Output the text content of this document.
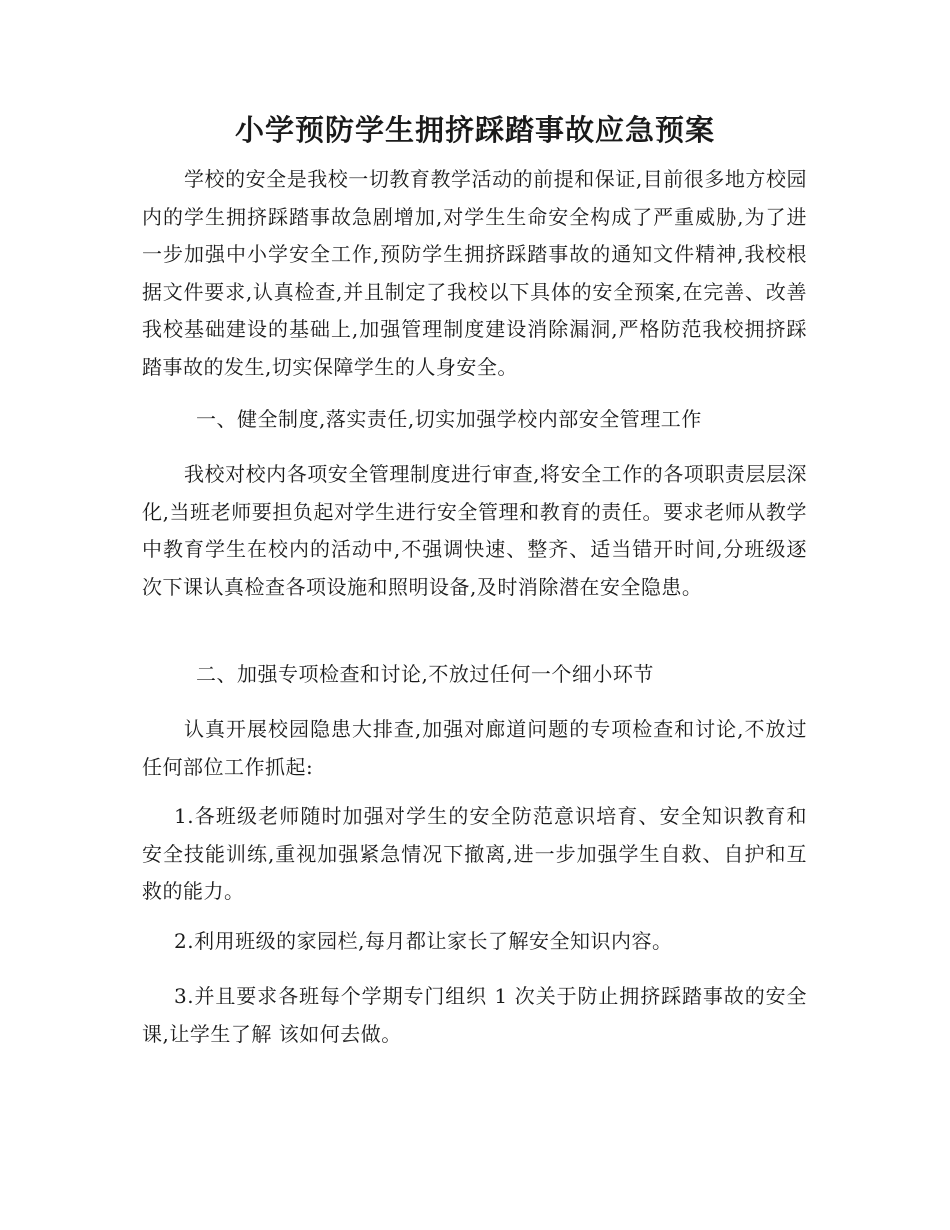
小学预防学生拥挤踩踏事故应急预案

学校的安全是我校一切教育教学活动的前提和保证,目前很多地方校园内的学生拥挤踩踏事故急剧增加,对学生生命安全构成了严重威胁,为了进一步加强中小学安全工作,预防学生拥挤踩踏事故的通知文件精神,我校根据文件要求,认真检查,并且制定了我校以下具体的安全预案,在完善、改善我校基础建设的基础上,加强管理制度建设消除漏洞,严格防范我校拥挤踩踏事故的发生,切实保障学生的人身安全。

一、健全制度,落实责任,切实加强学校内部安全管理工作

我校对校内各项安全管理制度进行审查,将安全工作的各项职责层层深化,当班老师要担负起对学生进行安全管理和教育的责任。要求老师从教学中教育学生在校内的活动中,不强调快速、整齐、适当错开时间,分班级逐次下课认真检查各项设施和照明设备,及时消除潜在安全隐患。

二、加强专项检查和讨论,不放过任何一个细小环节

认真开展校园隐患大排查,加强对廊道问题的专项检查和讨论,不放过任何部位工作抓起:

1.各班级老师随时加强对学生的安全防范意识培育、安全知识教育和安全技能训练,重视加强紧急情况下撤离,进一步加强学生自救、自护和互救的能力。

2.利用班级的家园栏,每月都让家长了解安全知识内容。

3.并且要求各班每个学期专门组织 1 次关于防止拥挤踩踏事故的安全课,让学生了解 该如何去做。
